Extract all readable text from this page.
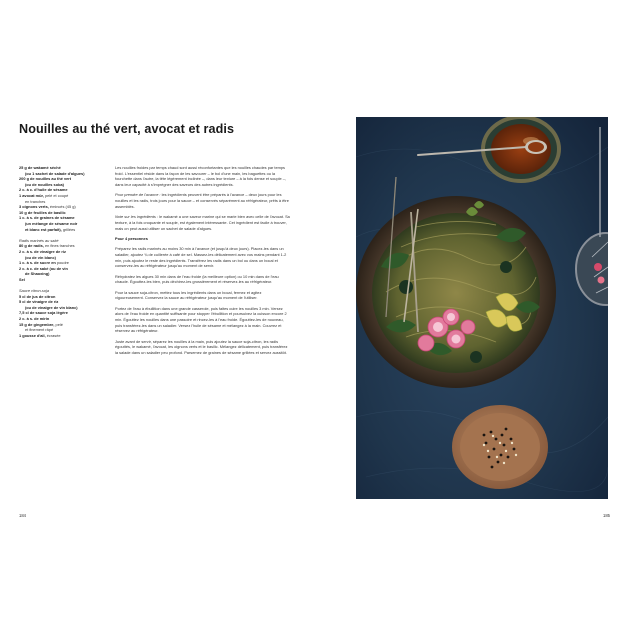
Nouilles au thé vert, avocat et radis

25 g de wakamé séché

(ou 1 sachet de salade d'algues)

200 g de nouilles au thé vert

(ou de nouilles soba)

2 c. à c. d'huile de sésame

1 avocat mûr, pelé et coupé

en tranches

3 oignons verts, émincés (45 g)

10 g de feuilles de basilic

1 c. à s. de graines de sésame

(un mélange de sésame noir

et blanc est parfait), grillées

Radis marinés au saké

80 g de radis, en fines tranches

2 c. à s. de vinaigre de riz

(ou de vin blanc)

1 c. à s. de sucre en poudre

2 c. à c. de saké (ou de vin

de Shaoxing)

Sel

Sauce citron-soja

5 cl de jus de citron

5 cl de vinaigre de riz

(ou de vinaigre de vin blanc)

7,5 cl de sauce soja légère

2 c. à s. de mirin

15 g de gingembre, pelé

et finement râpé

1 gousse d'ail, écrasée

Les nouilles froides par temps chaud sont aussi réconfortantes que les nouilles chaudes par temps froid. L'essentiel réside dans la façon de les savourer – le bol d'une main, les baguettes ou la fourchette dans l'autre, la tête légèrement inclinée –, dans leur texture – à la fois dense et souple –, dans leur capacité à s'imprégner des saveurs des autres ingrédients.

Pour prendre de l'avance : les ingrédients peuvent être préparés à l'avance – deux jours pour les nouilles et les radis, trois jours pour la sauce – et conservés séparément au réfrigérateur, prêts à être assemblés.

Note sur les ingrédients : le wakamé a une saveur marine qui se marie bien avec celle de l'avocat. Sa texture, à la fois croquante et souple, est également intéressante. Cet ingrédient est facile à trouver, mais on peut aussi utiliser un sachet de salade d'algues.

Pour 4 personnes

Préparez les radis marinés au moins 30 min à l'avance (et jusqu'à deux jours). Placez-les dans un saladier, ajoutez ¾ de cuillerée à café de sel. Massez-les délicatement avec vos mains pendant 1-2 min, puis ajoutez le reste des ingrédients. Transférez les radis dans un bol ou dans un bocal et conservez-les au réfrigérateur jusqu'au moment de servir.

Réhydratez les algues 30 min dans de l'eau froide (la meilleure option) ou 10 min dans de l'eau chaude. Égouttez-les bien, puis déchirez-les grossièrement et réservez-les au réfrigérateur.

Pour la sauce soja-citron, mettez tous les ingrédients dans un bocal, fermez et agitez vigoureusement. Conservez la sauce au réfrigérateur jusqu'au moment de l'utiliser.

Portez de l'eau à ébullition dans une grande casserole, puis faites cuire les nouilles 3 min. Versez alors de l'eau froide en quantité suffisante pour stopper l'ébullition et poursuivez la cuisson encore 2 min. Égouttez les nouilles dans une passoire et rincez-les à l'eau froide. Égouttez-les de nouveau, puis transférez-les dans un saladier. Versez l'huile de sésame et mélangez à la main. Couvrez et réservez au réfrigérateur.

Juste avant de servir, séparez les nouilles à la main, puis ajoutez la sauce soja-citron, les radis égouttés, le wakamé, l'avocat, les oignons verts et le basilic. Mélangez délicatement, puis transférez la salade dans un saladier peu profond. Parsemez de graines de sésame grillées et servez aussitôt.

184	185
